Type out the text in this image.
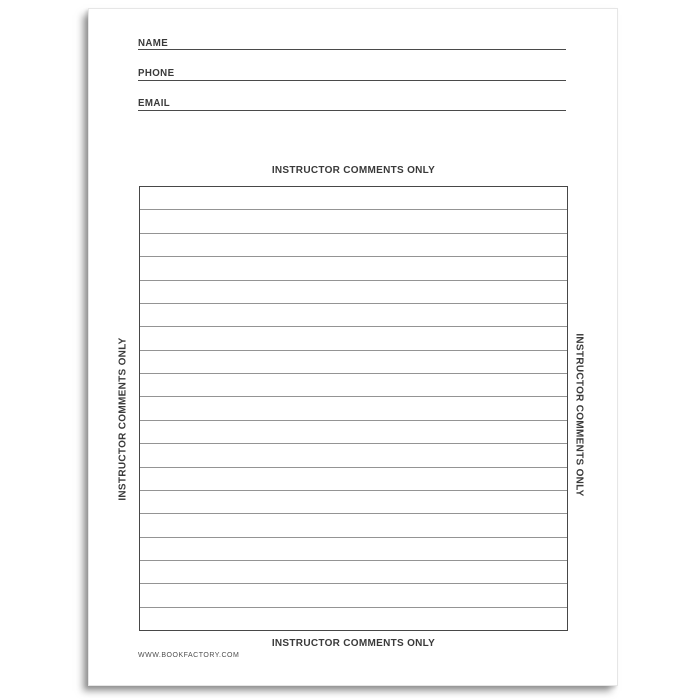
NAME
PHONE
EMAIL
INSTRUCTOR COMMENTS ONLY
INSTRUCTOR COMMENTS ONLY
INSTRUCTOR COMMENTS ONLY	INSTRUCTOR COMMENTS ONLY
WWW.BOOKFACTORY.COM
